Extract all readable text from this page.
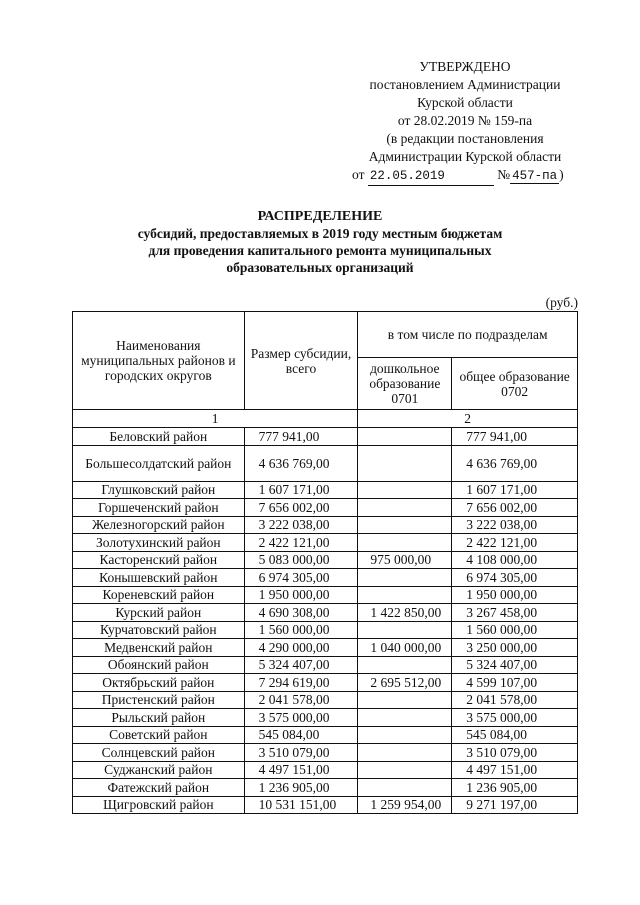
УТВЕРЖДЕНО
постановлением Администрации
Курской области
от 28.02.2019 № 159-па
(в редакции постановления
Администрации Курской области
от 22.05.2019	№ 457-па )
РАСПРЕДЕЛЕНИЕ
субсидий, предоставляемых в 2019 году местным бюджетам
для проведения капитального ремонта муниципальных
образовательных организаций
(руб.)
Наименования муниципальных районов и городских округов	Размер субсидии, всего	в том числе по подразделам	
		дошкольное образование 0701	общее образование 0702
1		2	
Беловский район	777 941,00		777 941,00
Большесолдатский район	4 636 769,00		4 636 769,00
Глушковский район	1 607 171,00		1 607 171,00
Горшеченский район	7 656 002,00		7 656 002,00
Железногорский район	3 222 038,00		3 222 038,00
Золотухинский район	2 422 121,00		2 422 121,00
Касторенский район	5 083 000,00	975 000,00	4 108 000,00
Конышевский район	6 974 305,00		6 974 305,00
Кореневский район	1 950 000,00		1 950 000,00
Курский район	4 690 308,00	1 422 850,00	3 267 458,00
Курчатовский район	1 560 000,00		1 560 000,00
Медвенский район	4 290 000,00	1 040 000,00	3 250 000,00
Обоянский район	5 324 407,00		5 324 407,00
Октябрьский район	7 294 619,00	2 695 512,00	4 599 107,00
Пристенский район	2 041 578,00		2 041 578,00
Рыльский район	3 575 000,00		3 575 000,00
Советский район	545 084,00		545 084,00
Солнцевский район	3 510 079,00		3 510 079,00
Суджанский район	4 497 151,00		4 497 151,00
Фатежский район	1 236 905,00		1 236 905,00
Щигровский район	10 531 151,00	1 259 954,00	9 271 197,00
